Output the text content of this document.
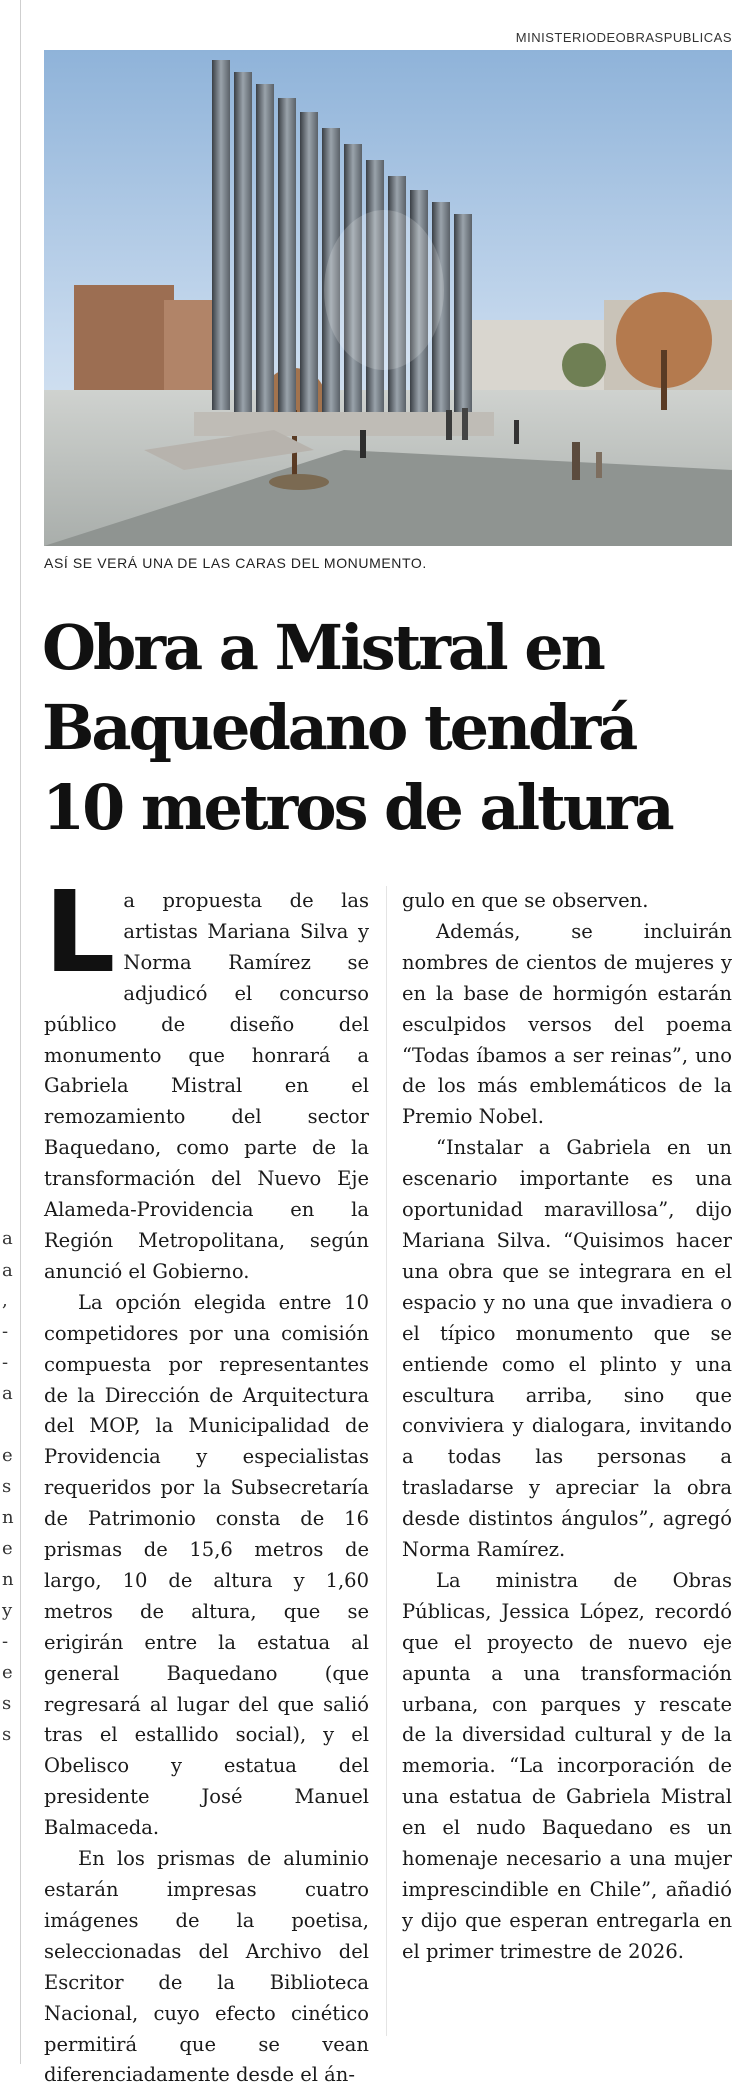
a
a
,
-
-
a
e
s
n
e
n
y
-
e
s
s
MINISTERIODEOBRASPUBLICAS
ASÍ SE VERÁ UNA DE LAS CARAS DEL MONUMENTO.
Obra a Mistral en Baquedano tendrá 10 metros de altura

La propuesta de las artistas Mariana Silva y Norma Ramírez se adjudicó el concurso público de diseño del monumento que honrará a Gabriela Mistral en el remozamiento del sector Baquedano, como parte de la transformación del Nuevo Eje Alameda-Providencia en la Región Metropolitana, según anunció el Gobierno.

La opción elegida entre 10 competidores por una comisión compuesta por representantes de la Dirección de Arquitectura del MOP, la Municipalidad de Providencia y especialistas requeridos por la Subsecretaría de Patrimonio consta de 16 prismas de 15,6 metros de largo, 10 de altura y 1,60 metros de altura, que se erigirán entre la estatua al general Baquedano (que regresará al lugar del que salió tras el estallido social), y el Obelisco y estatua del presidente José Manuel Balmaceda.

En los prismas de aluminio estarán impresas cuatro imágenes de la poetisa, seleccionadas del Archivo del Escritor de la Biblioteca Nacional, cuyo efecto cinético permitirá que se vean diferenciadamente desde el án-

gulo en que se observen.

Además, se incluirán nombres de cientos de mujeres y en la base de hormigón estarán esculpidos versos del poema “Todas íbamos a ser reinas”, uno de los más emblemáticos de la Premio Nobel.

“Instalar a Gabriela en un escenario importante es una oportunidad maravillosa”, dijo Mariana Silva. “Quisimos hacer una obra que se integrara en el espacio y no una que invadiera o el típico monumento que se entiende como el plinto y una escultura arriba, sino que conviviera y dialogara, invitando a todas las personas a trasladarse y apreciar la obra desde distintos ángulos”, agregó Norma Ramírez.

La ministra de Obras Públicas, Jessica López, recordó que el proyecto de nuevo eje apunta a una transformación urbana, con parques y rescate de la diversidad cultural y de la memoria. “La incorporación de una estatua de Gabriela Mistral en el nudo Baquedano es un homenaje necesario a una mujer imprescindible en Chile”, añadió y dijo que esperan entregarla en el primer trimestre de 2026.
